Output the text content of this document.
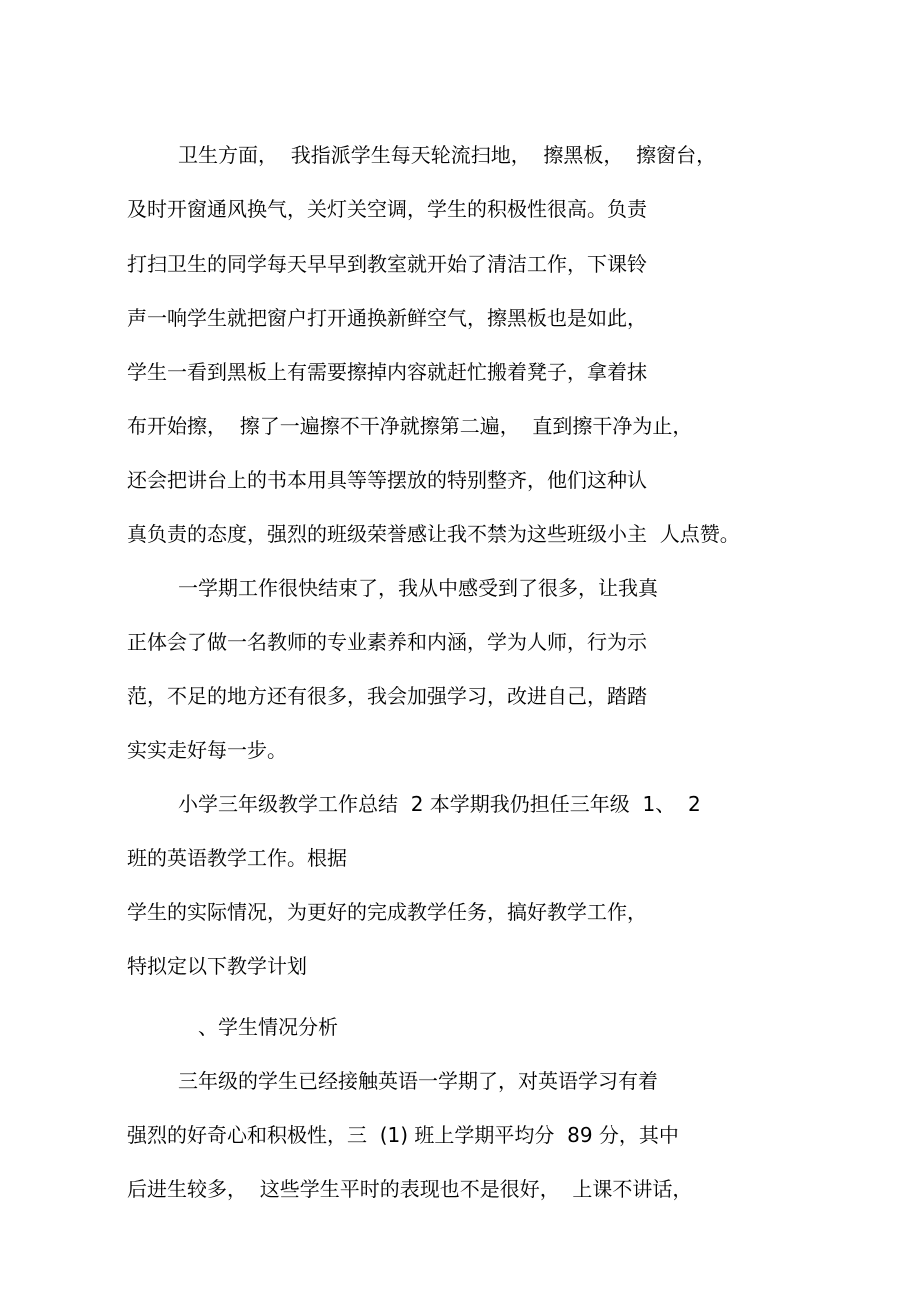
卫生方面，  我指派学生每天轮流扫地，  擦黑板，  擦窗台，
及时开窗通风换气，关灯关空调，学生的积极性很高。负责
打扫卫生的同学每天早早到教室就开始了清洁工作，下课铃
声一响学生就把窗户打开通换新鲜空气，擦黑板也是如此，
学生一看到黑板上有需要擦掉内容就赶忙搬着凳子，拿着抹
布开始擦，  擦了一遍擦不干净就擦第二遍，  直到擦干净为止，
还会把讲台上的书本用具等等摆放的特别整齐，他们这种认
真负责的态度，强烈的班级荣誉感让我不禁为这些班级小主  人点赞。
一学期工作很快结束了，我从中感受到了很多，让我真
正体会了做一名教师的专业素养和内涵，学为人师，行为示
范，不足的地方还有很多，我会加强学习，改进自己，踏踏
实实走好每一步。
小学三年级教学工作总结  2 本学期我仍担任三年级  1、  2
班的英语教学工作。根据
学生的实际情况，为更好的完成教学任务，搞好教学工作，
特拟定以下教学计划
、学生情况分析
三年级的学生已经接触英语一学期了，对英语学习有着
强烈的好奇心和积极性，三  (1) 班上学期平均分  89 分，其中
后进生较多，  这些学生平时的表现也不是很好，  上课不讲话，
